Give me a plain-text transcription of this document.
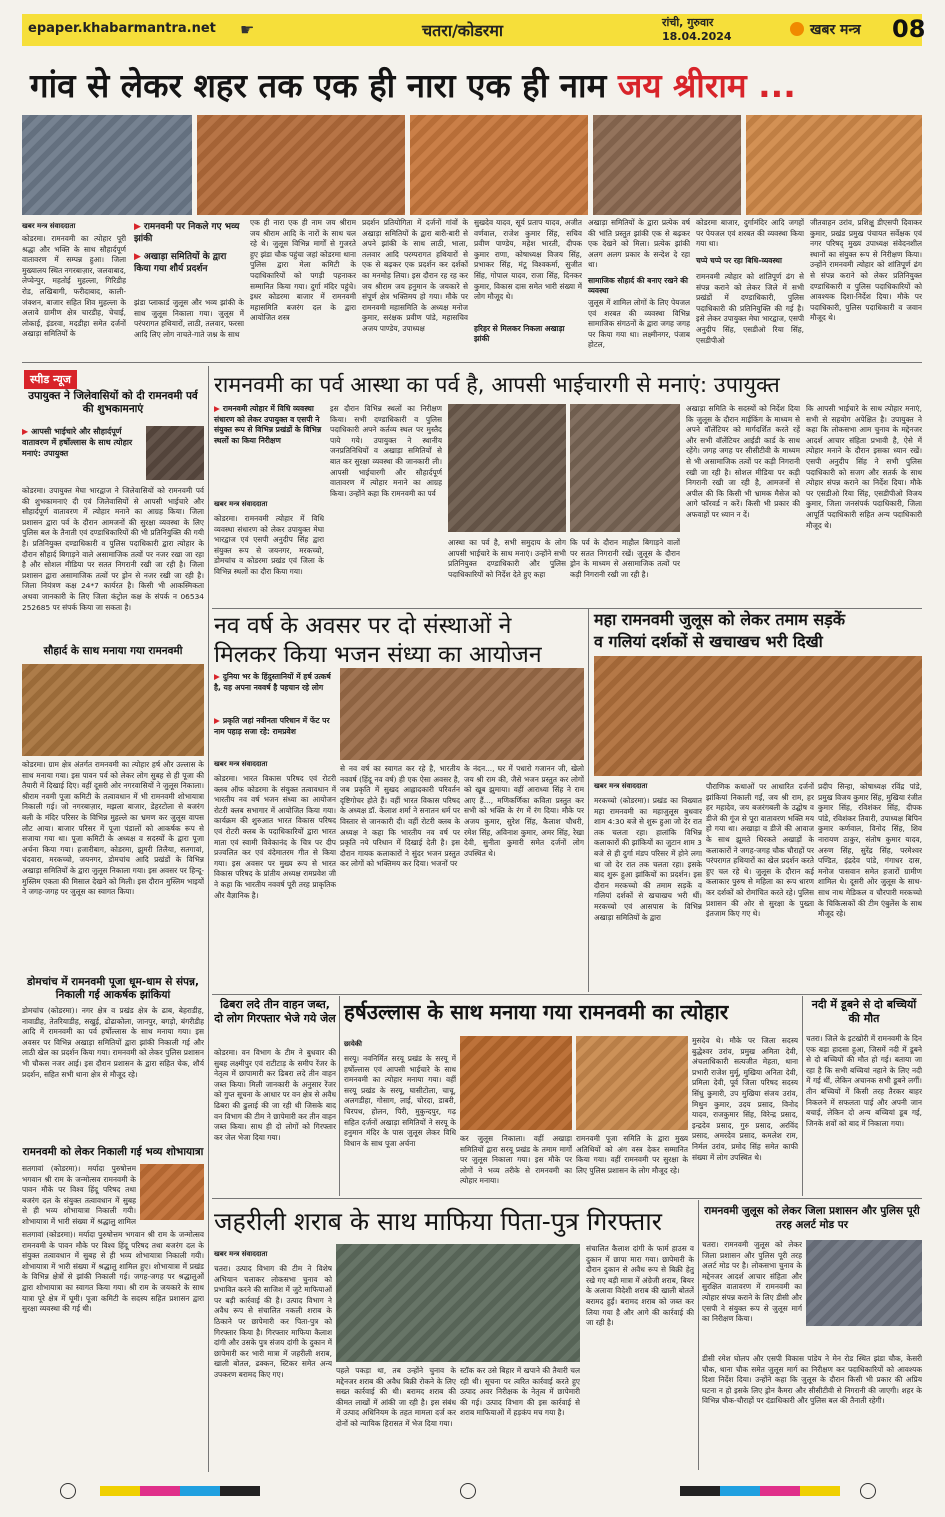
epaper.khabarmantra.net ☛	चतरा/कोडरमा	रांची, गुरुवार
18.04.2024	खबर मन्त्र 08
गांव से लेकर शहर तक एक ही नारा एक ही नाम जय श्रीराम ...
खबर मन्त्र संवाददाता
कोडरमा। रामनवमी का त्योहार पूरी श्रद्धा और भक्ति के साथ सौहार्दपूर्ण वातावरण में सम्पन्न हुआ। जिला मुख्यालय स्थित नगरबाज़ार, जलवाबाद, लेप्चेन्पुर, महतोई मुहल्ला, गिरिडीह रोड, लखिबागी, फरीदाबाद, काली-जंक्शन, बाजार सहित शिव मुहल्ला के अलावे ग्रामीण क्षेत्र चारडीह, चेचाई, लोकाई, इंडरवा, मदडीहा समेत दर्जनों अखाड़ा समितियों के
▶ रामनवमी पर निकले गए भव्य झांकी
▶ अखाड़ा समितियों के द्वारा किया गया शौर्य प्रदर्शन
झंडा प्लाकार्ड जुलूस और भव्य झांकी के साथ जुलूस निकाला गया। जुलूस में परंपरागत हथियारों, लाठी, तलवार, फरसा आदि लिए लोग नाचते-गाते जश्न के साथ
एक ही नारा एक ही नाम जय श्रीराम जय श्रीराम आदि के नारों के साथ चल रहे थे। जुलूस विभिन्न मार्गों से गुजरते हुए झंडा चौक पहुंचा जहां कोडरमा थाना पुलिस द्वारा मेला कमिटी के पदाधिकारियों को पगड़ी पहनाकर सम्मानित किया गया। दुर्गा मंदिर पहुंचे। इधर कोडरमा बाजार में रामनवमी महासमिति बजरंग दल के द्वारा आयोजित शस्त्र
प्रदर्शन प्रतियोगिता में दर्जनों गांवों के अखाड़ा समितियों के द्वारा बारी-बारी से अपने झांकी के साथ लाठी, भाला, तलवार आदि परम्परागत हथियारों से एक से बढ़कर एक प्रदर्शन कर दर्शकों का मनमोह लिया। इस दौरान रह रह कर जय श्रीराम जय हनुमान के जयकारे से संपूर्ण क्षेत्र भक्तिमय हो गया। मौके पर रामनवमी महासमिति के अध्यक्ष मनोज कुमार, सरंक्षक प्रवीण पांडे, महासचिव अजय पाण्डेय, उपाध्यक्ष
सुखदेव यादव, सूर्य प्रताप यादव, अजीत वर्णवाल, राजेश कुमार सिंह, सचिव प्रवीण पाण्डेय, महेश भारती, दीपक कुमार राणा, कोषाध्यक्ष विजय सिंह, प्रभाकर सिंह, मंटू विश्वकर्मा, सुजीत सिंह, गोपाल यादव, राजा सिंह, दिनकर कुमार, विकास दास समेत भारी संख्या में लोग मौजूद थे।
हरिहर से मिलकर निकला अखाड़ा झांकी
अखाड़ा समितियों के द्वारा प्रत्येक वर्ष की भांति प्रस्तुत झांकी एक से बढ़कर एक देखने को मिला। प्रत्येक झांकी अलग अलग प्रकार के सन्देश दे रहा था।
सामाजिक सौहार्द की बनाए रखने की व्यवस्था
जुलूस में शामिल लोगों के लिए पेयजल एवं शरबत की व्यवस्था विभिन्न सामाजिक संगठनों के द्वारा जगह जगह पर किया गया था। लक्ष्मीनगर, पंजाब होटल,
कोडरमा बाजार, दुर्गामंदिर आदि जगहों पर पेयजल एवं शरबत की व्यवस्था किया गया था।
चप्पे चप्पे पर रहा बिधि-व्यवस्था
रामनवमी त्योहार को शांतिपूर्ण ढंग से संपन्न कराने को लेकर जिले में सभी प्रखंडों में दण्डाधिकारी, पुलिस पदाधिकारी की प्रतिनियुक्ति की गई है। इसे लेकर उपायुक्त मेघा भारद्वाज, एसपी अनुदीप सिंह, एसडीओ रिया सिंह, एसडीपीओ
जीतवाहन उरांव, प्रशिक्षु डीएसपी दिवाकर कुमार, प्रखंड प्रमुख पंचायत सर्वेक्षक एवं नगर परिषद् मुख्य उपाध्यक्ष संवेदनशील स्थानों का संयुक्त रूप से निरीक्षण किया। उन्होंने रामनवमी त्योहार को शांतिपूर्ण ढंग से संपन्न कराने को लेकर प्रतिनियुक्त दण्डाधिकारी व पुलिस पदाधिकारियों को आवश्यक दिशा-निर्देश दिया। मौके पर पदाधिकारी, पुलिस पदाधिकारी व जवान मौजूद थे।
स्पीड न्यूज
उपायुक्त ने जिलेवासियों को दी रामनवमी पर्व की शुभकामनाएं
▶ आपसी भाईचारे और सौहार्दपूर्ण वातावरण में हर्षोल्लास के साथ त्योहार मनाएं: उपायुक्त
कोडरमा। उपायुक्त मेघा भारद्वाज ने जिलेवासियों को रामनवमी पर्व की शुभकामनाएं दी एवं जिलेवासियों से आपसी भाईचारे और सौहार्दपूर्ण वातावरण में त्योहार मनाने का आग्रह किया। जिला प्रशासन द्वारा पर्व के दौरान आमजनों की सुरक्षा व्यवस्था के लिए पुलिस बल के तैनाती एवं दण्डाधिकारियों की भी प्रतिनियुक्ति की गयी है। प्रतिनियुक्त दण्डाधिकारी व पुलिस पदाधिकारी द्वारा त्योहार के दौरान सौहार्द बिगाड़ने वाले असामाजिक तत्वों पर नजर रखा जा रहा है और सोशल मीडिया पर सतत निगरानी रखी जा रही है। जिला प्रशासन द्वारा असामाजिक तत्वों पर ड्रोन से नजर रखी जा रही है। जिला नियंत्रण कक्ष 24*7 कार्यरत है। किसी भी आकस्मिकता अथवा जानकारी के लिए जिला कंट्रोल कक्ष के संपर्क न 06534 252685 पर संपर्क किया जा सकता है।
सौहार्द के साथ मनाया गया रामनवमी
कोडरमा। ग्राम क्षेत्र अंतर्गत रामनवमी का त्योहार हर्ष और उल्लास के साथ मनाया गया। इस पावन पर्व को लेकर लोग सुबह से ही पूजा की तैयारी में दिखाई दिए। वहीं दूसरी ओर नगरवासियों ने जुलूस निकाला। श्रीराम नवमी पूजा कमिटी के तत्वावधान में भी रामनवमी शोभायात्रा निकाली गई। जो नगरबाज़ार, मझला बाजार, डेहरटोला से बजरंग बली के मंदिर परिसर के विभिन्न मुहल्ले का भ्रमण कर जुलूस वापस लौट आया। बाजार परिसर में पूजा पंडालों को आकर्षक रूप से सजाया गया था। पूजा कमिटी के अध्यक्ष व सदस्यों के द्वारा पूजा अर्चना किया गया। हजारीबाग, कोडरमा, झुमरी तिलैया, सतगावां, चंदवारा, मरकच्चो, जयनगर, डोमचांच आदि प्रखंडों के विभिन्न अखाड़ा समितियों के द्वारा जुलूस निकाला गया। इस अवसर पर हिन्दू-मुस्लिम एकता की मिसाल देखने को मिली। इस दौरान मुस्लिम भाइयों ने जगह-जगह पर जुलूस का स्वागत किया।
डोमचांच में रामनवमी पूजा धूम-धाम से संपन्न, निकाली गई आकर्षक झांकियां
डोमचांच (कोडरमा)। नगर क्षेत्र व प्रखंड क्षेत्र के ढाब, बेहराडीह, नावाडीह, तेतरियाडीह, सखुई, ढोढाकोला, जानपुर, बगड़ो, बंगरीडीह आदि में रामनवमी का पर्व हर्षोल्लास के साथ मनाया गया। इस अवसर पर विभिन्न अखाड़ा समितियों द्वारा झांकी निकाली गई और लाठी खेल का प्रदर्शन किया गया। रामनवमी को लेकर पुलिस प्रशासन भी चौकस नजर आई। इस दौरान प्रशासन के द्वारा सहित चेक, शौर्य प्रदर्शन, सहित सभी थाना क्षेत्र से मौजूद रहे।
रामनवमी को लेकर निकाली गई भव्य शोभायात्रा
सतगावां (कोडरमा)। मर्यादा पुरुषोत्तम भगवान श्री राम के जन्मोत्सव रामनवमी के पावन मौके पर विश्व हिंदू परिषद तथा बजरंग दल के संयुक्त तत्वावधान में सुबह से ही भव्य शोभायात्रा निकाली गयी। शोभायात्रा में भारी संख्या में श्रद्धालु शामिल
सतगावां (कोडरमा)। मर्यादा पुरुषोत्तम भगवान श्री राम के जन्मोत्सव रामनवमी के पावन मौके पर विश्व हिंदू परिषद तथा बजरंग दल के संयुक्त तत्वावधान में सुबह से ही भव्य शोभायात्रा निकाली गयी। शोभायात्रा में भारी संख्या में श्रद्धालु शामिल हुए। शोभायात्रा में प्रखंड के विभिन्न क्षेत्रों से झांकी निकाली गई। जगह-जगह पर श्रद्धालुओं द्वारा शोभायात्रा का स्वागत किया गया। श्री राम के जयकारे के साथ यात्रा पूरे क्षेत्र में घूमी। पूजा कमिटी के सदस्य सहित प्रशासन द्वारा सुरक्षा व्यवस्था की गई थी।
रामनवमी का पर्व आस्था का पर्व है, आपसी भाईचारगी से मनाएं: उपायुक्त
▶ रामनवमी त्योहार में विधि व्यवस्था संधारण को लेकर उपायुक्त व एसपी ने संयुक्त रूप से विभिन्न प्रखंडों के विभिन्न स्थलों का किया निरीक्षण
खबर मन्त्र संवाददाता
कोडरमा। रामनवमी त्योहार में विधि व्यवस्था संधारण को लेकर उपायुक्त मेघा भारद्वाज एवं एसपी अनुदीप सिंह द्वारा संयुक्त रूप से जयनगर, मरकच्चो, डोमचांच व कोडरमा प्रखंड एवं जिला के विभिन्न स्थलों का दौरा किया गया।
इस दौरान विभिन्न स्थलों का निरीक्षण किया। सभी दण्डाधिकारी व पुलिस पदाधिकारी अपने कर्तव्य स्थल पर मुस्तैद पाये गये। उपायुक्त ने स्थानीय जनप्रतिनिधियों व अखाड़ा समितियों से बात कर सुरक्षा व्यवस्था की जानकारी ली। आपसी भाईचारगी और सौहार्दपूर्ण वातावरण में त्योहार मनाने का आग्रह किया। उन्होंने कहा कि रामनवमी का पर्व
आस्था का पर्व है, सभी समुदाय के लोग आपसी भाईचारे के साथ मनाएं। उन्होंने सभी प्रतिनियुक्त दण्डाधिकारी और पुलिस पदाधिकारियों को निर्देश देते हुए कहा
कि पर्व के दौरान माहौल बिगाड़ने वालों पर सतत निगरानी रखें। जुलूस के दौरान ड्रोन के माध्यम से असामाजिक तत्वों पर कड़ी निगरानी रखी जा रही है।
अखाड़ा समिति के सदस्यों को निर्देश दिया कि जुलूस के दौरान माईकिंग के माध्यम से अपने वॉलेंटियर को मार्गदर्शित करते रहें और सभी वॉलेंटियर आईडी कार्ड के साथ रहेंगे। जगह जगह पर सीसीटीवी के माध्यम से भी असामाजिक तत्वों पर कड़ी निगरानी रखी जा रही है। सोशल मीडिया पर कड़ी निगरानी रखी जा रही है, आमजनों से अपील की कि किसी भी भ्रामक मैसेज को आगे फॉरवर्ड न करें। किसी भी प्रकार की अफवाहों पर ध्यान न दें।
कि आपसी भाईचारे के साथ त्योहार मनाएं, सभी से सहयोग अपेक्षित है। उपायुक्त ने कहा कि लोकसभा आम चुनाव के मद्देनजर आदर्श आचार संहिता प्रभावी है, ऐसे में त्योहार मनाने के दौरान इसका ध्यान रखें। एसपी अनुदीप सिंह ने सभी पुलिस पदाधिकारी को सजग और सतर्क के साथ त्योहार संपन्न कराने का निर्देश दिया। मौके पर एसडीओ रिया सिंह, एसडीपीओ विजय कुमार, जिला जनसंपर्क पदाधिकारी, जिला आपूर्ति पदाधिकारी सहित अन्य पदाधिकारी मौजूद थे।
नव वर्ष के अवसर पर दो संस्थाओं ने
मिलकर किया भजन संध्या का आयोजन
▶ दुनिया भर के हिंदुस्तानियों में हर्ष उत्कर्ष है, यह अपना नववर्ष है पहचान रहे लोग
▶ प्रकृति जहां नवीनता परिधान में फेंट पर नाम पहाड़ सजा रहे: रामप्रवेश
खबर मन्त्र संवाददाता
कोडरमा। भारत विकास परिषद एवं रोटरी क्लब ऑफ कोडरमा के संयुक्त तत्वावधान में भारतीय नव वर्ष भजन संध्या का आयोजन रोटरी क्लब सभागार में आयोजित किया गया। कार्यक्रम की शुरुआत भारत विकास परिषद एवं रोटरी क्लब के पदाधिकारियों द्वारा भारत माता एवं स्वामी विवेकानंद के चित्र पर दीप प्रज्वलित कर एवं वंदेमातरम गीत से किया गया। इस अवसर पर मुख्य रूप से भारत विकास परिषद के प्रांतीय अध्यक्ष रामप्रवेश जी ने कहा कि भारतीय नववर्ष पूरी तरह प्राकृतिक और वैज्ञानिक है।
से नव वर्ष का स्वागत कर रहे है, भारतीय नववर्ष (हिंदू नव वर्ष) ही एक ऐसा अवसर है, जब प्रकृति में सुखद आह्लादकारी परिवर्तन दृष्टिगोचर होते हैं। वहीं भारत विकास परिषद के अध्यक्ष डॉ. केलाश शर्मा ने सनातन धर्म पर विस्तार से जानकारी दी। वहीं रोटरी क्लब के अध्यक्ष ने कहा कि भारतीय नव वर्ष पर प्रकृति नये परिधान में दिखाई देती है। इस दौरान गायक कलाकारों ने सुंदर भजन प्रस्तुत कर लोगों को भक्तिमय कर दिया। भजनों पर
के नंदन..., घर में पधारो गजानन जी, खेलो जय श्री राम की, जैसे भजन प्रस्तुत कर लोगों को खूब झुमाया। वहीं आराध्या सिंह ने राम आए हैं..., मणिकर्णिका कविता प्रस्तुत कर सभी को भक्ति के रंग में रंग दिया। मौके पर अजय कुमार, सुरेश सिंह, कैलाश चौधरी, रमेश सिंह, अविनाश कुमार, अमर सिंह, रेखा देवी, सुनीता कुमारी समेत दर्जनों लोग उपस्थित थे।
महा रामनवमी जुलूस को लेकर तमाम सड़कें
व गलियां दर्शकों से खचाखच भरी दिखी
खबर मन्त्र संवाददाता
मरकच्चो (कोडरमा)। प्रखंड का विख्यात महा रामनवमी का महाजुलूस बुधवार शाम 4:30 बजे से शुरू हुआ जो देर रात तक चलता रहा। हालांकि विभिन्न कलाकारों की झांकियों का जुटान शाम 3 बजे से ही दुर्गा मंडप परिसर में होने लगा था जो देर रात तक चलता रहा। इसके बाद शुरू हुआ झांकियों का प्रदर्शन। इस दौरान मरकच्चो की तमाम सड़कें व गलियां दर्शकों से खचाखच भरी थीं। मरकच्चो एवं आसपास के विभिन्न अखाड़ा समितियों के द्वारा
पौराणिक कथाओं पर आधारित दर्जनों झांकियां निकाली गईं, जय श्री राम, हर हर महादेव, जय बजरंगबली के उद्घोष व डीजे की गूंज से पूरा वातावरण भक्ति मय हो गया था। अखाड़ा व डीजे की आवाज के साथ झूमते थिरकते अखाड़ों के कलाकारों ने जगह-जगह चौक चौराहों पर परंपरागत हथियारों का खेल प्रदर्शन करते हुए चल रहे थे। जुलूस के दौरान कई कलाकार पुरुष से महिला का रूप धारण कर दर्शकों को रोमांचित करते रहे। पुलिस प्रशासन की ओर से सुरक्षा के पुख्ता इंतजाम किए गए थे।
प्रदीप सिन्हा, कोषाध्यक्ष रविंद्र पांडे, प्रमुख विजय कुमार सिंह, मुखिया रंजीत कुमार सिंह, रविशंकर सिंह, दीपक पांडे, रविशंकर तिवारी, उपाध्यक्ष बिपिन कुमार कर्णवाल, विनोद सिंह, शिव नारायण ठाकुर, संतोष कुमार यादव, अरुण सिंह, सुरेंद्र सिंह, परमेश्वर पण्डित, इंद्रदेव पांडे, गंगाधर दास, मनोज पासवान समेत हजारों ग्रामीण शामिल थे। दूसरी ओर जुलूस के साथ-साथ नाथ मेडिकल व चौरपारी मरकच्चो के चिकित्सकों की टीम एंबुलेंस के साथ मौजूद रहे।
ढिबरा लदे तीन वाहन जब्त, दो लोग गिरफ्तार भेजे गये जेल
कोडरमा। वन विभाग के टीम ने बुधवार की सुबह लक्ष्मीपुर एवं राटीटाड़ के समीप रेंजर के नेतृत्व में छापामारी कर ढिबरा लदे तीन वाहन जब्त किया। मिली जानकारी के अनुसार रेंजर को गुप्त सूचना के आधार पर वन क्षेत्र से अवैध ढिबरा की ढुलाई की जा रही थी जिसके बाद वन विभाग की टीम ने छापेमारी कर तीन वाहन जब्त किया। साथ ही दो लोगों को गिरफ्तार कर जेल भेजा दिया गया।
हर्षउल्लास के साथ मनाया गया रामनवमी का त्योहार
छायेकी
सरयू। नवनिर्मित सरयू प्रखंड के सरयू में हर्षोल्लास एवं आपसी भाईचारे के साथ रामनवमी का त्योहार मनाया गया। वहीं सरयू प्रखंड के सरयू, घासीटोला, चाचू, अलगडीहा, गोसाग, लाई, चोरदा, डाबरी, चिरपथ, होलन, पिरी, मुकुन्दपुर, गढ़ सहित दर्जनों अखाड़ा समितियों ने सरयू के हनुमान मंदिर के पास जुलूस लेकर विधि विधान के साथ पूजा अर्चना
कर जुलूस निकाला। वहीं अखाड़ा समितियों द्वारा सरयू प्रखंड के तमाम मार्गों पर जुलूस निकाला गया। इस मौके पर लोगों ने भव्य तरीके से रामनवमी का त्योहार मनाया।
रामनवमी पूजा समिति के द्वारा मुख्य अतिथियों को अंग वस्त्र देकर सम्मानित किया गया। वहीं रामनवमी पर सुरक्षा के लिए पुलिस प्रशासन के लोग मौजूद रहे।
मुसदेव थे। मौके पर जिला सदस्य बुद्धेश्वर उरांव, प्रमुख अमिता देवी, अंचलाधिकारी सत्यजीत मेहता, थाना प्रभारी राजेश मुर्मू, मुखिया अनिता देवी, प्रमिला देवी, पूर्व जिला परिषद सदस्य सिंधु कुमारी, उप मुखिया संजय उरांव, मिथुन कुमार, उदय प्रसाद, विनोद यादव, राजकुमार सिंह, विरेन्द्र प्रसाद, इन्द्रदेव प्रसाद, गुरु प्रसाद, अरविंद प्रसाद, अमरदेव प्रसाद, कमलेश राम, निर्मल उरांव, प्रमोद सिंह समेत काफी संख्या में लोग उपस्थित थे।
नदी में डूबने से दो बच्चियों की मौत
चतरा। जिले के इटखोरी में रामनवमी के दिन एक बड़ा हादसा हुआ, जिसमें नदी में डूबने से दो बच्चियों की मौत हो गई। बताया जा रहा है कि सभी बच्चियां नहाने के लिए नदी में गई थीं, लेकिन अचानक सभी डूबने लगीं। तीन बच्चियों में किसी तरह तैरकर बाहर निकलने में सफलता पाई और अपनी जान बचाई, लेकिन दो अन्य बच्चियां डूब गई, जिनके शवों को बाद में निकाला गया।
जहरीली शराब के साथ माफिया पिता-पुत्र गिरफ्तार
खबर मन्त्र संवाददाता
चतरा। उत्पाद विभाग की टीम ने विशेष अभियान चलाकर लोकसभा चुनाव को प्रभावित करने की साजिश में जुटे माफियाओं पर बड़ी कार्रवाई की है। उत्पाद विभाग ने अवैध रूप से संचालित नकली शराब के ठिकाने पर छापेमारी कर पिता-पुत्र को गिरफ्तार किया है। गिरफ्तार माफिया कैलाश दांगी और उसके पुत्र संजय दांगी के दुकान में छापेमारी कर भारी मात्रा में जहरीली शराब, खाली बोतल, ढक्कन, स्टिकर समेत अन्य उपकरण बरामद किए गए।	पहले पकड़ा था, तब उन्होंने चुनाव के मद्देनजर शराब की अवैध बिक्री रोकने के लिए सख्त कार्रवाई की थी। बरामद शराब की कीमत लाखों में आंकी जा रही है। इस संबंध में उत्पाद अधिनियम के तहत मामला दर्ज कर दोनों को न्यायिक हिरासत में भेज दिया गया।
स्टॉक कर उसे बिहार में खपाने की तैयारी चल रही थी। सूचना पर त्वरित कार्रवाई करते हुए उत्पाद अवर निरीक्षक के नेतृत्व में छापेमारी की गई। उत्पाद विभाग की इस कार्रवाई से शराब माफियाओं में हड़कंप मच गया है।
संचालित कैलाश दांगी के फार्म हाउस व दुकान में छापा मारा गया। छापेमारी के दौरान दुकान से अवैध रूप से बिक्री हेतु रखे गए बड़ी मात्रा में अंग्रेजी शराब, बियर के अलावा विदेशी शराब की खाली बोतलें बरामद हुईं। बरामद शराब को जब्त कर लिया गया है और आगे की कार्रवाई की जा रही है।
रामनवमी जुलूस को लेकर जिला प्रशासन और पुलिस पूरी तरह अलर्ट मोड पर
चतरा। रामनवमी जुलूस को लेकर जिला प्रशासन और पुलिस पूरी तरह अलर्ट मोड पर है। लोकसभा चुनाव के मद्देनजर आदर्श आचार संहिता और सुरक्षित वातावरण में रामनवमी का त्योहार संपन्न कराने के लिए डीसी और एसपी ने संयुक्त रूप से जुलूस मार्ग का निरीक्षण किया।
डीसी रमेश घोलप और एसपी विकास पांडेय ने मेन रोड स्थित झंडा चौक, केसरी चौक, थाना चौक समेत जुलूस मार्ग का निरीक्षण कर पदाधिकारियों को आवश्यक दिशा निर्देश दिया। उन्होंने कहा कि जुलूस के दौरान किसी भी प्रकार की अप्रिय घटना न हो इसके लिए ड्रोन कैमरा और सीसीटीवी से निगरानी की जाएगी। शहर के विभिन्न चौक-चौराहों पर दंडाधिकारी और पुलिस बल की तैनाती रहेगी।
